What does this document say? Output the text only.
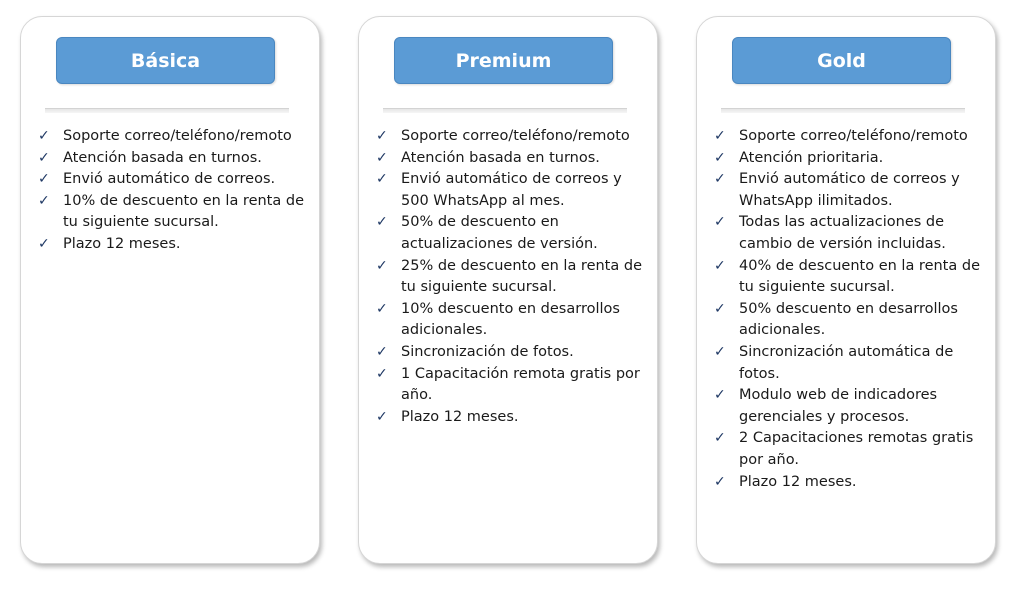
Básica
✓ Soporte correo/teléfono/remoto
✓ Atención basada en turnos.
✓ Envió automático de correos.
✓ 10% de descuento en la renta de
tu siguiente sucursal.
✓ Plazo 12 meses.
Premium
✓ Soporte correo/teléfono/remoto
✓ Atención basada en turnos.
✓ Envió automático de correos y
500 WhatsApp al mes.
✓ 50% de descuento en
actualizaciones de versión.
✓ 25% de descuento en la renta de
tu siguiente sucursal.
✓ 10% descuento en desarrollos
adicionales.
✓ Sincronización de fotos.
✓ 1 Capacitación remota gratis por
año.
✓ Plazo 12 meses.
Gold
✓ Soporte correo/teléfono/remoto
✓ Atención prioritaria.
✓ Envió automático de correos y
WhatsApp ilimitados.
✓ Todas las actualizaciones de
cambio de versión incluidas.
✓ 40% de descuento en la renta de
tu siguiente sucursal.
✓ 50% descuento en desarrollos
adicionales.
✓ Sincronización automática de
fotos.
✓ Modulo web de indicadores
gerenciales y procesos.
✓ 2 Capacitaciones remotas gratis
por año.
✓ Plazo 12 meses.
